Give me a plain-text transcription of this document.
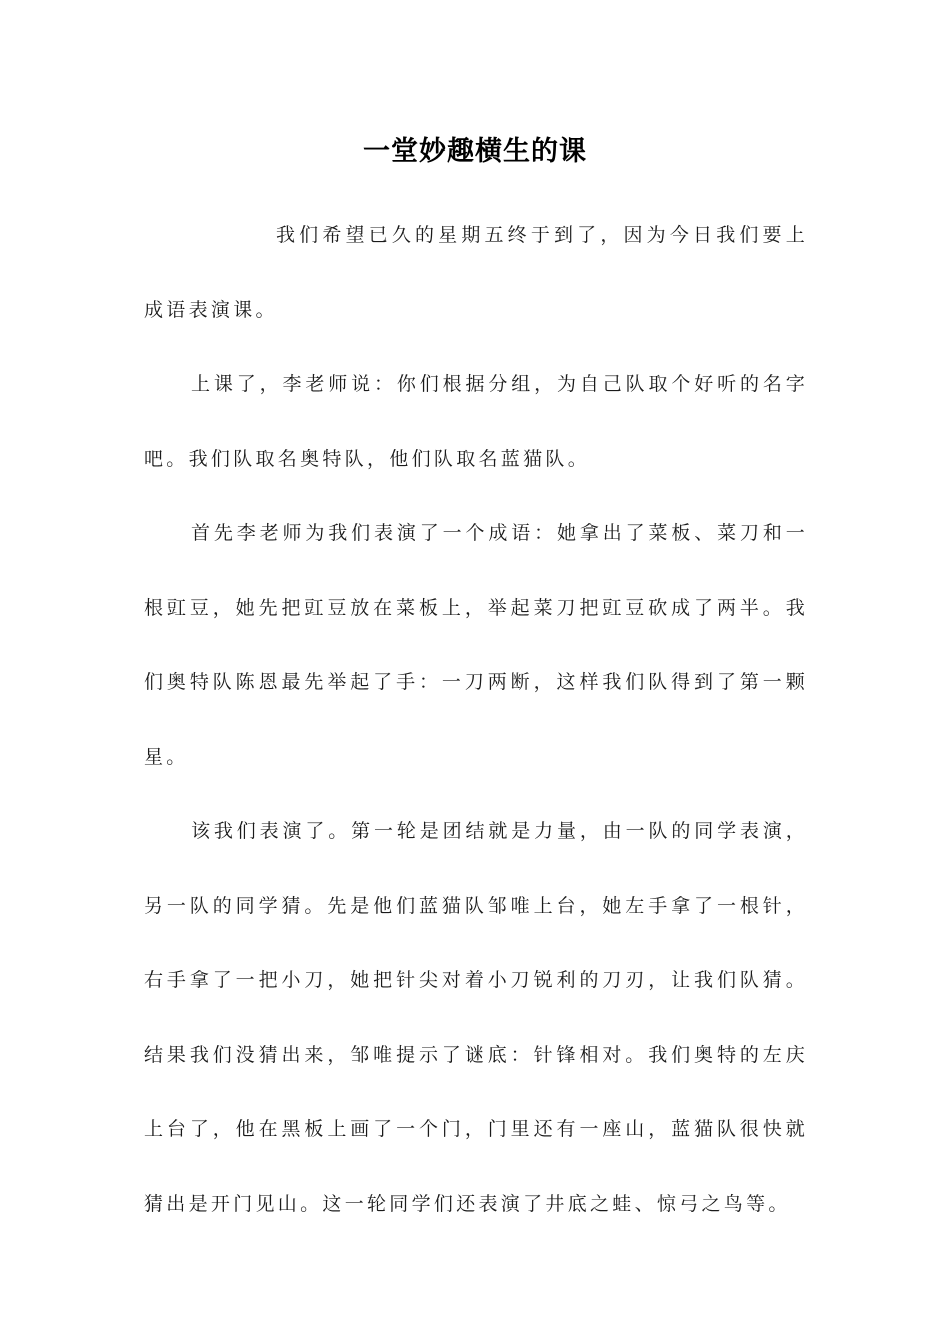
一堂妙趣横生的课

我们希望已久的星期五终于到了，因为今日我们要上成语表演课。

上课了，李老师说：你们根据分组，为自己队取个好听的名字吧。我们队取名奥特队，他们队取名蓝猫队。

首先李老师为我们表演了一个成语：她拿出了菜板、菜刀和一根豇豆，她先把豇豆放在菜板上，举起菜刀把豇豆砍成了两半。我们奥特队陈恩最先举起了手：一刀两断，这样我们队得到了第一颗星。

该我们表演了。第一轮是团结就是力量，由一队的同学表演，另一队的同学猜。先是他们蓝猫队邹唯上台，她左手拿了一根针，右手拿了一把小刀，她把针尖对着小刀锐利的刀刃，让我们队猜。结果我们没猜出来，邹唯提示了谜底：针锋相对。我们奥特的左庆上台了，他在黑板上画了一个门，门里还有一座山，蓝猫队很快就猜出是开门见山。这一轮同学们还表演了井底之蛙、惊弓之鸟等。
